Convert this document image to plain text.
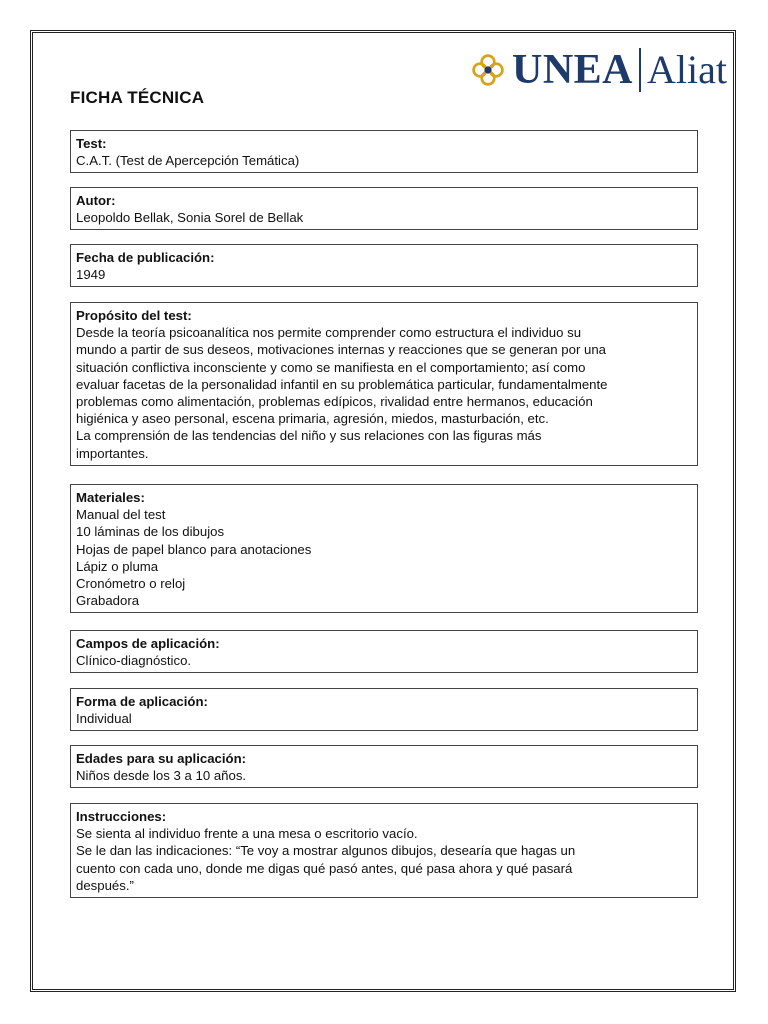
UNEA Aliat
FICHA TÉCNICA
Test:
C.A.T. (Test de Apercepción Temática)
Autor:
Leopoldo Bellak, Sonia Sorel de Bellak
Fecha de publicación:
1949
Propósito del test:
Desde la teoría psicoanalítica nos permite comprender como estructura el individuo su
mundo a partir de sus deseos, motivaciones internas y reacciones que se generan por una
situación conflictiva inconsciente y como se manifiesta en el comportamiento; así como
evaluar facetas de la personalidad infantil en su problemática particular, fundamentalmente
problemas como alimentación, problemas edípicos, rivalidad entre hermanos, educación
higiénica y aseo personal, escena primaria, agresión, miedos, masturbación, etc.
La comprensión de las tendencias del niño y sus relaciones con las figuras más
importantes.
Materiales:
Manual del test
10 láminas de los dibujos
Hojas de papel blanco para anotaciones
Lápiz o pluma
Cronómetro o reloj
Grabadora
Campos de aplicación:
Clínico-diagnóstico.
Forma de aplicación:
Individual
Edades para su aplicación:
Niños desde los 3 a 10 años.
Instrucciones:
Se sienta al individuo frente a una mesa o escritorio vacío.
Se le dan las indicaciones: “Te voy a mostrar algunos dibujos, desearía que hagas un
cuento con cada uno, donde me digas qué pasó antes, qué pasa ahora y qué pasará
después.”
